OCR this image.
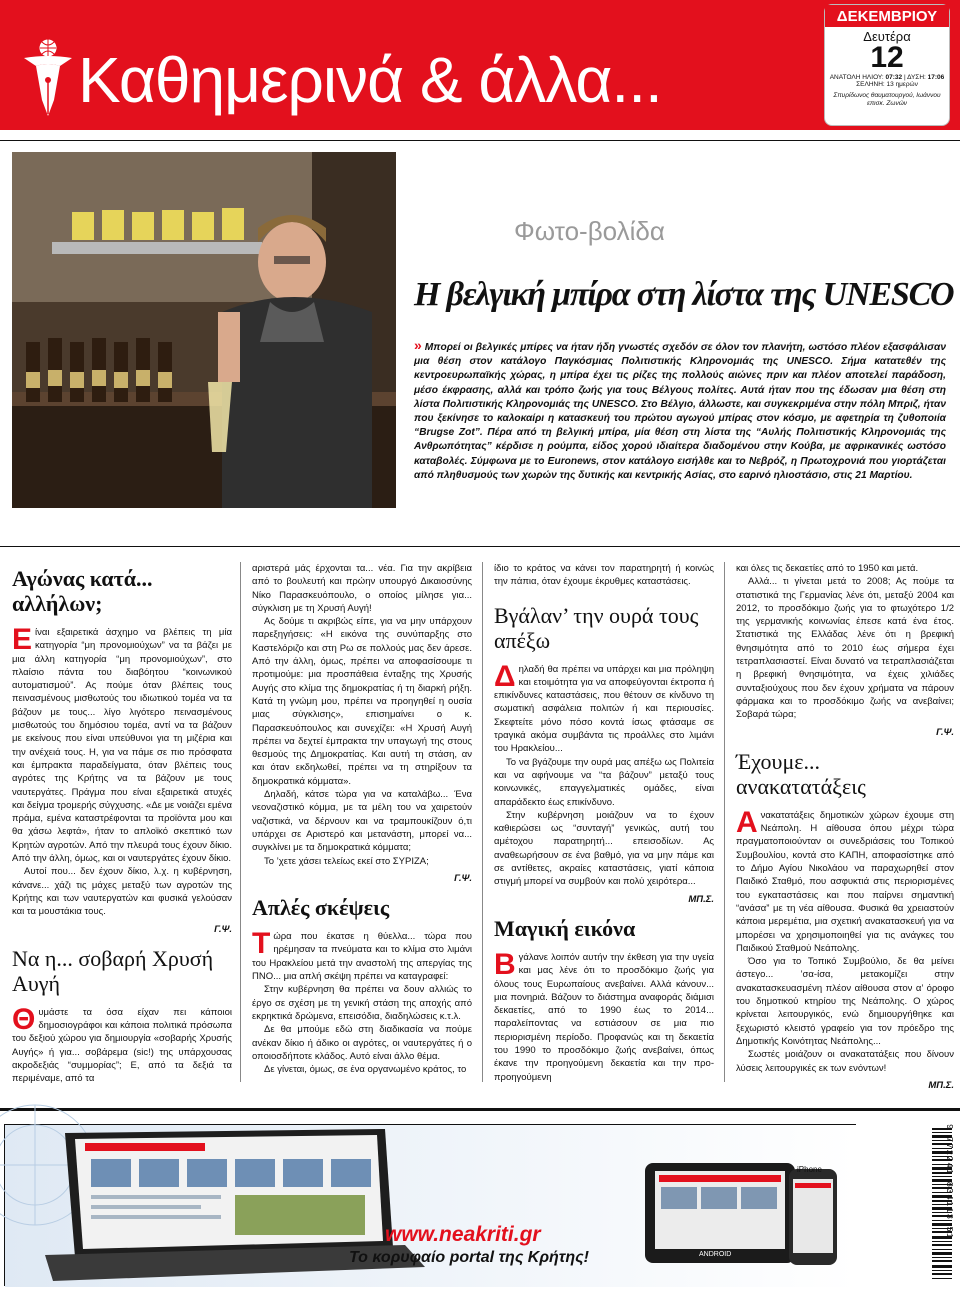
Καθημερινά & άλλα...
ΔΕΚΕΜΒΡΙΟΥ
Δευτέρα
12
ΑΝΑΤΟΛΗ ΗΛΙΟΥ: 07:32 | ΔΥΣΗ: 17:06
ΣΕΛΗΝΗ: 13 ημερών
Σπυρίδωνος θαυματουργού, Ιωάννου επισκ. Ζωνών
Φωτο-βολίδα
Η βελγική μπίρα στη λίστα της UNESCO
» Μπορεί οι βελγικές μπίρες να ήταν ήδη γνωστές σχεδόν σε όλον τον πλανήτη, ωστόσο πλέον εξασφάλισαν μια θέση στον κατάλογο Παγκόσμιας Πολιτιστικής Κληρονομιάς της UNESCO. Σήμα κατατεθέν της κεντροευρωπαϊκής χώρας, η μπίρα έχει τις ρίζες της πολλούς αιώνες πριν και πλέον αποτελεί παράδοση, μέσο έκφρασης, αλλά και τρόπο ζωής για τους Βέλγους πολίτες. Αυτά ήταν που της έδωσαν μια θέση στη λίστα Πολιτιστικής Κληρονομιάς της UNESCO. Στο Βέλγιο, άλλωστε, και συγκεκριμένα στην πόλη Μπριζ, ήταν που ξεκίνησε το καλοκαίρι η κατασκευή του πρώτου αγωγού μπίρας στον κόσμο, με αφετηρία τη ζυθοποιία “Brugse Zot”. Πέρα από τη βελγική μπίρα, μία θέση στη λίστα της “Αυλής Πολιτιστικής Κληρονομιάς της Ανθρωπότητας” κέρδισε η ρούμπα, είδος χορού ιδιαίτερα διαδομένου στην Κούβα, με αφρικανικές ωστόσο καταβολές. Σύμφωνα με το Euronews, στον κατάλογο εισήλθε και το Νεβρόζ, η Πρωτοχρονιά που γιορτάζεται από πληθυσμούς των χωρών της δυτικής και κεντρικής Ασίας, στο εαρινό ηλιοστάσιο, στις 21 Μαρτίου.
Αγώνας κατά... αλλήλων;
Είναι εξαιρετικά άσχημο να βλέπεις τη μία κατηγορία “μη προνομιούχων” να τα βάζει με μια άλλη κατηγορία “μη προνομιούχων”, στο πλαίσιο πάντα του διαβόητου “κοινωνικού αυτοματισμού”. Ας πούμε όταν βλέπεις τους πεινασμένους μισθωτούς του ιδιωτικού τομέα να τα βάζουν με τους... λίγο λιγότερο πεινασμένους μισθωτούς του δημόσιου τομέα, αντί να τα βάζουν με εκείνους που είναι υπεύθυνοι για τη μιζέρια και την ανέχειά τους. Η, για να πάμε σε πιο πρόσφατα και έμπρακτα παραδείγματα, όταν βλέπεις τους αγρότες της Κρήτης να τα βάζουν με τους ναυτεργάτες. Πράγμα που είναι εξαιρετικά ατυχές και δείγμα τρομερής σύγχυσης. «Δε με νοιάζει εμένα πράμα, εμένα καταστρέφονται τα προϊόντα μου και θα χάσω λεφτά», ήταν το απλοϊκό σκεπτικό των Κρητών αγροτών. Από την πλευρά τους έχουν δίκιο. Από την άλλη, όμως, και οι ναυτεργάτες έχουν δίκιο.
Αυτοί που... δεν έχουν δίκιο, λ.χ. η κυβέρνηση, κάνανε... χάζι τις μάχες μεταξύ των αγροτών της Κρήτης και των ναυτεργατών και φυσικά γελούσαν και τα μουστάκια τους.
Γ.Ψ.
Να η... σοβαρή Χρυσή Αυγή
Θυμάστε τα όσα είχαν πει κάποιοι δημοσιογράφοι και κάποια πολιτικά πρόσωπα του δεξιού χώρου για δημιουργία «σοβαρής Χρυσής Αυγής» ή για... σοβάρεμα (sic!) της υπάρχουσας ακροδεξιάς “συμμορίας”; Ε, από τα δεξιά τα περιμέναμε, από τα
αριστερά μάς έρχονται τα... νέα. Για την ακρίβεια από το βουλευτή και πρώην υπουργό Δικαιοσύνης Νίκο Παρασκευόπουλο, ο οποίος μίλησε για... σύγκλιση με τη Χρυσή Αυγή!
Ας δούμε τι ακριβώς είπε, για να μην υπάρχουν παρεξηγήσεις: «Η εικόνα της συνύπαρξης στο Καστελόριζο και στη Ρω σε πολλούς μας δεν άρεσε. Από την άλλη, όμως, πρέπει να αποφασίσουμε τι προτιμούμε: μια προσπάθεια ένταξης της Χρυσής Αυγής στο κλίμα της δημοκρατίας ή τη διαρκή ρήξη. Κατά τη γνώμη μου, πρέπει να προηγηθεί η ουσία μιας σύγκλισης», επισημαίνει ο κ. Παρασκευόπουλος και συνεχίζει: «Η Χρυσή Αυγή πρέπει να δεχτεί έμπρακτα την υπαγωγή της στους θεσμούς της Δημοκρατίας. Και αυτή τη στάση, αν και όταν εκδηλωθεί, πρέπει να τη στηρίξουν τα δημοκρατικά κόμματα».
Δηλαδή, κάτσε τώρα για να καταλάβω... Ένα νεοναζιστικό κόμμα, με τα μέλη του να χαιρετούν ναζιστικά, να δέρνουν και να τραμπουκίζουν ό,τι υπάρχει σε Αριστερό και μετανάστη, μπορεί να... συγκλίνει με τα δημοκρατικά κόμματα;
Το ’χετε χάσει τελείως εκεί στο ΣΥΡΙΖΑ;
Γ.Ψ.
Απλές σκέψεις
Τώρα που έκατσε η θύελλα... τώρα που ηρέμησαν τα πνεύματα και το κλίμα στο λιμάνι του Ηρακλείου μετά την αναστολή της απεργίας της ΠΝΟ... μια απλή σκέψη πρέπει να καταγραφεί:
Στην κυβέρνηση θα πρέπει να δουν αλλιώς το έργο σε σχέση με τη γενική στάση της αποχής από εκρηκτικά δρώμενα, επεισόδια, διαδηλώσεις κ.τ.λ.
Δε θα μπούμε εδώ στη διαδικασία να πούμε ανέκαν δίκιο ή άδικο οι αγρότες, οι ναυτεργάτες ή ο οποιοσδήποτε κλάδος. Αυτό είναι άλλο θέμα.
Δε γίνεται, όμως, σε ένα οργανωμένο κράτος, το
ίδιο το κράτος να κάνει τον παρατηρητή ή κοινώς την πάπια, όταν έχουμε έκρυθμες καταστάσεις.
Βγάλαν’ την ουρά τους απέξω
Δηλαδή θα πρέπει να υπάρχει και μια πρόληψη και ετοιμότητα για να αποφεύγονται έκτροπα ή επικίνδυνες καταστάσεις, που θέτουν σε κίνδυνο τη σωματική ασφάλεια πολιτών ή και περιουσίες. Σκεφτείτε μόνο πόσο κοντά ίσως φτάσαμε σε τραγικά ακόμα συμβάντα τις προάλλες στο λιμάνι του Ηρακλείου...
Το να βγάζουμε την ουρά μας απέξω ως Πολιτεία και να αφήνουμε να “τα βάζουν” μεταξύ τους κοινωνικές, επαγγελματικές ομάδες, είναι απαράδεκτο έως επικίνδυνο.
Στην κυβέρνηση μοιάζουν να το έχουν καθιερώσει ως “συνταγή” γενικώς, αυτή του αμέτοχου παρατηρητή... επεισοδίων. Ας αναθεωρήσουν σε ένα βαθμό, για να μην πάμε και σε αντίθετες, ακραίες καταστάσεις, γιατί κάποια στιγμή μπορεί να συμβούν και πολύ χειρότερα...
ΜΠ.Σ.
Μαγική εικόνα
Βγάλανε λοιπόν αυτήν την έκθεση για την υγεία και μας λένε ότι το προσδόκιμο ζωής για όλους τους Ευρωπαίους ανεβαίνει. Αλλά κάνουν... μια πονηριά. Βάζουν το διάστημα αναφοράς διάμισι δεκαετίες, από το 1990 έως το 2014... παραλείποντας να εστιάσουν σε μια πιο περιορισμένη περίοδο. Προφανώς και τη δεκαετία του 1990 το προσδόκιμο ζωής ανεβαίνει, όπως έκανε την προηγούμενη δεκαετία και την προ-προηγούμενη
και όλες τις δεκαετίες από το 1950 και μετά.
Αλλά... τι γίνεται μετά το 2008; Ας πούμε τα στατιστικά της Γερμανίας λένε ότι, μεταξύ 2004 και 2012, το προσδόκιμο ζωής για το φτωχότερο 1/2 της γερμανικής κοινωνίας έπεσε κατά ένα έτος. Στατιστικά της Ελλάδας λένε ότι η βρεφική θνησιμότητα από το 2010 έως σήμερα έχει τετραπλασιαστεί. Είναι δυνατό να τετραπλασιάζεται η βρεφική θνησιμότητα, να έχεις χιλιάδες συνταξιούχους που δεν έχουν χρήματα να πάρουν φάρμακα και το προσδόκιμο ζωής να ανεβαίνει; Σοβαρά τώρα;
Γ.Ψ.
Έχουμε... ανακατατάξεις
Ανακατατάξεις δημοτικών χώρων έχουμε στη Νεάπολη. Η αίθουσα όπου μέχρι τώρα πραγματοποιούνταν οι συνεδριάσεις του Τοπικού Συμβουλίου, κοντά στο ΚΑΠΗ, αποφασίστηκε από το Δήμο Αγίου Νικολάου να παραχωρηθεί στον Παιδικό Σταθμό, που ασφυκτιά στις περιορισμένες του εγκαταστάσεις και που παίρνει σημαντική “ανάσα” με τη νέα αίθουσα. Φυσικά θα χρειαστούν κάποια μερεμέτια, μια σχετική ανακατασκευή για να μπορέσει να χρησιμοποιηθεί για τις ανάγκες του Παιδικού Σταθμού Νεάπολης.
Όσο για το Τοπικό Συμβούλιο, δε θα μείνει άστεγο... ’σα-ίσα, μετακομίζει στην ανακατασκευασμένη πλέον αίθουσα στον α’ όροφο του δημοτικού κτηρίου της Νεάπολης. Ο χώρος κρίνεται λειτουργικός, ενώ δημιουργήθηκε και ξεχωριστό κλειστό γραφείο για τον πρόεδρο της Δημοτικής Κοινότητας Νεάπολης...
Σωστές μοιάζουν οι ανακατατάξεις που δίνουν λύσεις λειτουργικές εκ των ενόντων!
ΜΠ.Σ.
iPhone
ANDROID
www.neakriti.gr
Το κορυφαίο portal της Κρήτης!
9 772241 834113 51
